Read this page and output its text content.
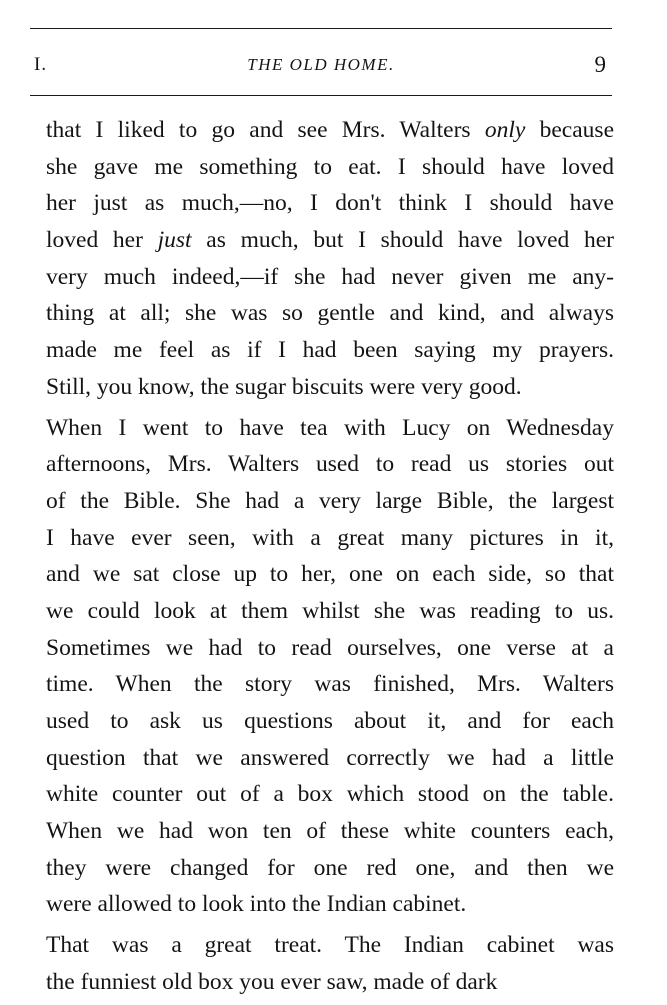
I.	THE OLD HOME.	9
that I liked to go and see Mrs. Walters only because
she gave me something to eat. I should have loved
her just as much,—no, I don't think I should have
loved her just as much, but I should have loved her
very much indeed,—if she had never given me any-
thing at all; she was so gentle and kind, and always
made me feel as if I had been saying my prayers.
Still, you know, the sugar biscuits were very good.
When I went to have tea with Lucy on Wednesday
afternoons, Mrs. Walters used to read us stories out
of the Bible. She had a very large Bible, the largest
I have ever seen, with a great many pictures in it,
and we sat close up to her, one on each side, so that
we could look at them whilst she was reading to us.
Sometimes we had to read ourselves, one verse at a
time. When the story was finished, Mrs. Walters
used to ask us questions about it, and for each
question that we answered correctly we had a little
white counter out of a box which stood on the table.
When we had won ten of these white counters each,
they were changed for one red one, and then we
were allowed to look into the Indian cabinet.
That was a great treat. The Indian cabinet was
the funniest old box you ever saw, made of dark
